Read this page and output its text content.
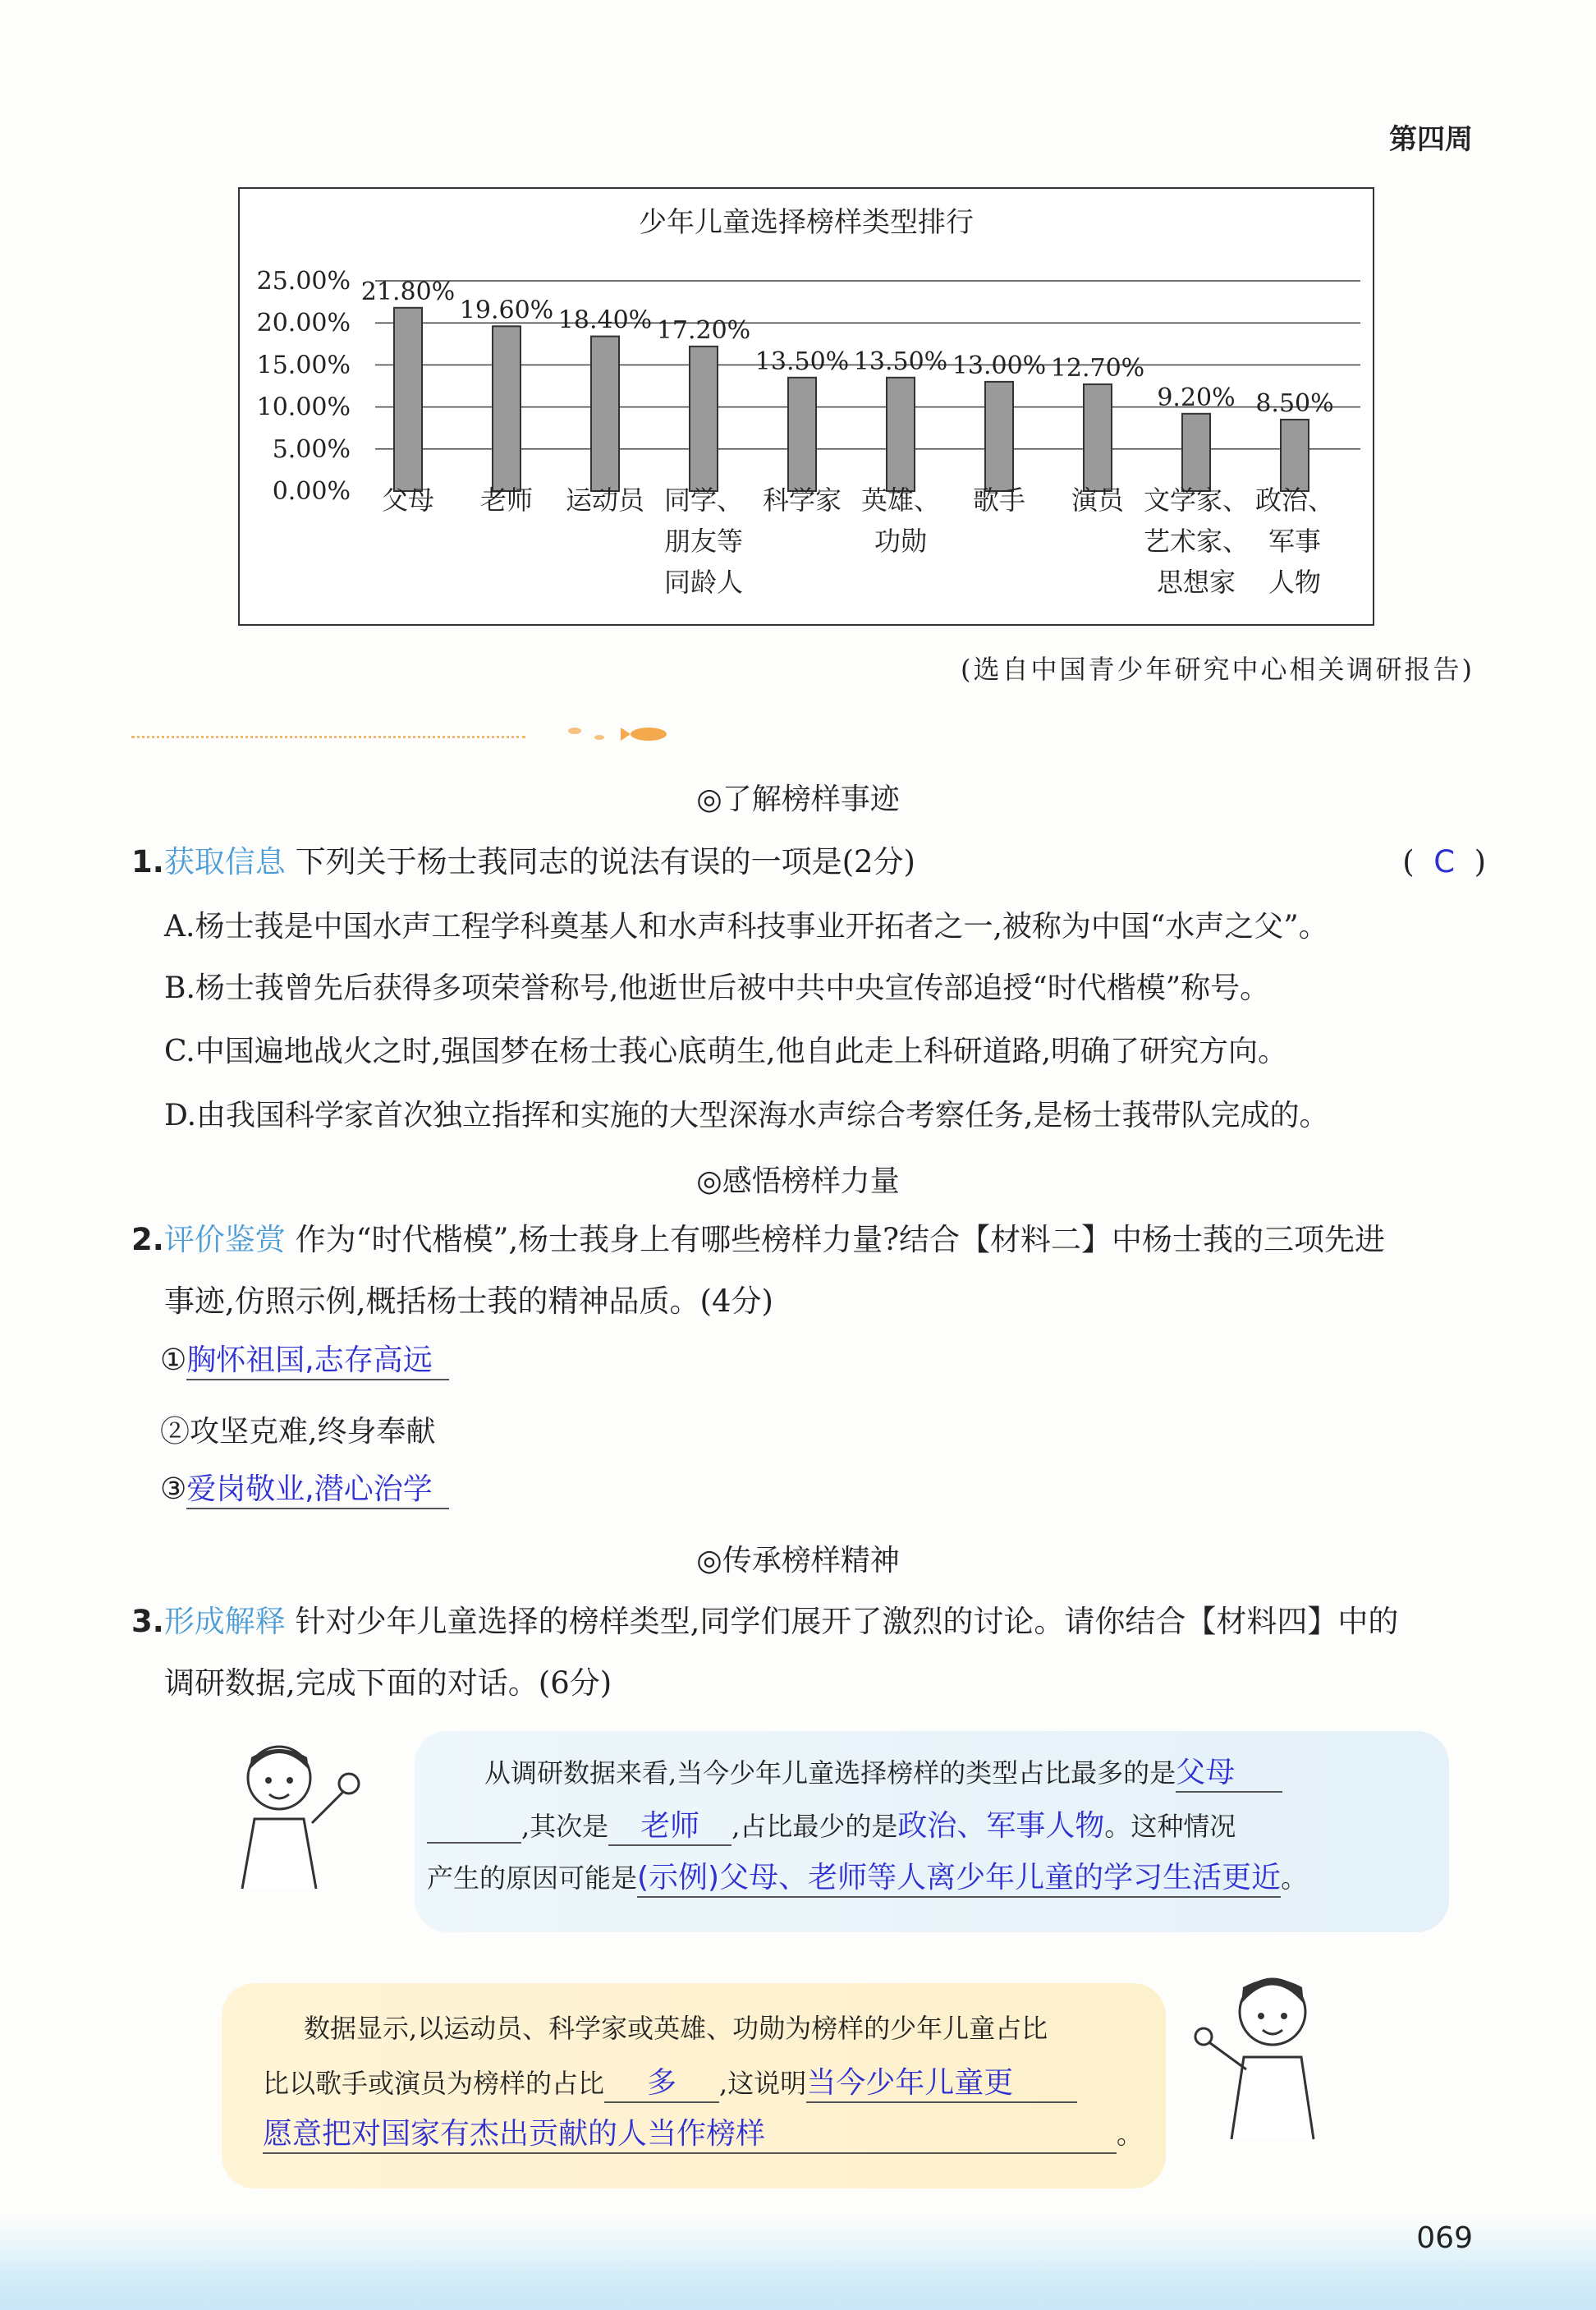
第四周
少年儿童选择榜样类型排行
0.00%
5.00%
10.00%
15.00%
20.00%
25.00% 21.80%
父母
19.60%
老师
18.40%
运动员
17.20%
同学、
朋友等
同龄人
13.50%
科学家
13.50%
英雄、
功勋
13.00%
歌手
12.70%
演员
9.20%
文学家、
艺术家、
思想家
8.50%
政治、
军事
人物
(选自中国青少年研究中心相关调研报告)
◎了解榜样事迹
1.获取信息 下列关于杨士莪同志的说法有误的一项是(2分)	( C )
A.杨士莪是中国水声工程学科奠基人和水声科技事业开拓者之一,被称为中国“水声之父”。
B.杨士莪曾先后获得多项荣誉称号,他逝世后被中共中央宣传部追授“时代楷模”称号。
C.中国遍地战火之时,强国梦在杨士莪心底萌生,他自此走上科研道路,明确了研究方向。
D.由我国科学家首次独立指挥和实施的大型深海水声综合考察任务,是杨士莪带队完成的。
◎感悟榜样力量
2.评价鉴赏 作为“时代楷模”,杨士莪身上有哪些榜样力量?结合【材料二】中杨士莪的三项先进
事迹,仿照示例,概括杨士莪的精神品质。(4分)
①胸怀祖国,志存高远
②攻坚克难,终身奉献
③爱岗敬业,潜心治学
◎传承榜样精神
3.形成解释 针对少年儿童选择的榜样类型,同学们展开了激烈的讨论。请你结合【材料四】中的
调研数据,完成下面的对话。(6分)
从调研数据来看,当今少年儿童选择榜样的类型占比最多的是父母
,其次是 老师 ,占比最少的是政治、军事人物。这种情况
产生的原因可能是(示例)父母、老师等人离少年儿童的学习生活更近。
数据显示,以运动员、科学家或英雄、功勋为榜样的少年儿童占比
比以歌手或演员为榜样的占比 多 ,这说明当今少年儿童更
愿意把对国家有杰出贡献的人当作榜样	。
069
